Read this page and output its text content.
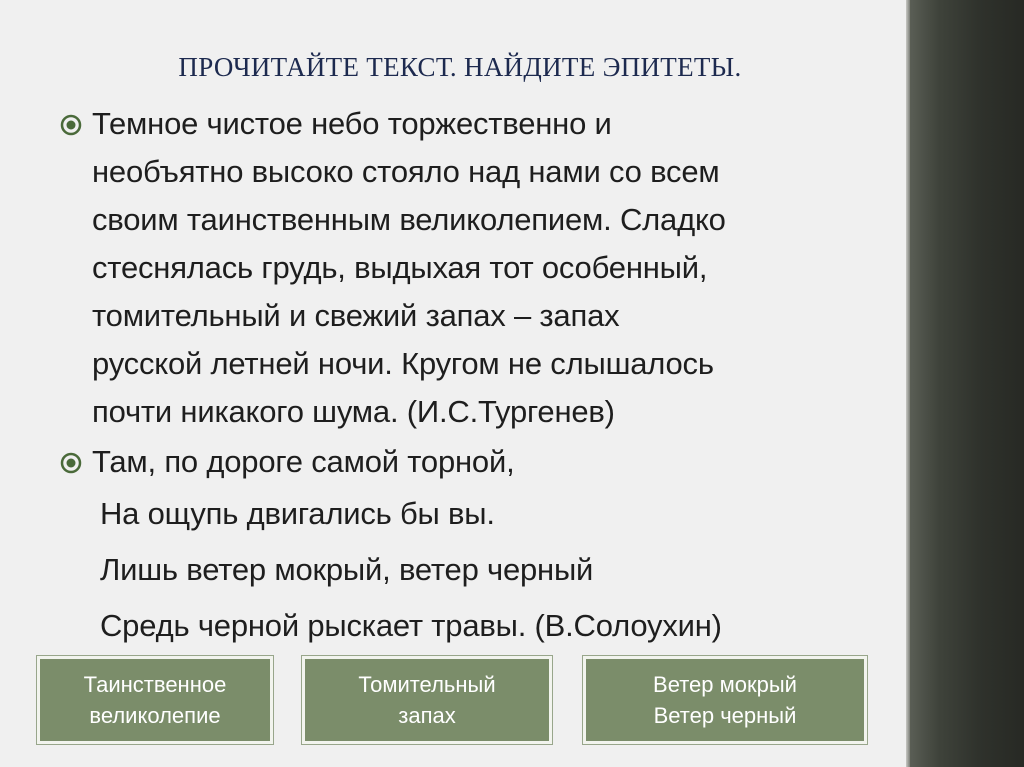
ПРОЧИТАЙТЕ ТЕКСТ. НАЙДИТЕ ЭПИТЕТЫ.
Темное чистое небо торжественно и
необъятно высоко стояло над нами со всем
своим таинственным великолепием. Сладко
стеснялась грудь, выдыхая тот особенный,
томительный и свежий запах – запах
русской летней ночи. Кругом не слышалось
почти никакого шума. (И.С.Тургенев)
Там, по дороге самой торной,
На ощупь двигались бы вы.
Лишь ветер мокрый, ветер черный
Средь черной рыскает травы. (В.Солоухин)
Таинственное
великолепие
Томительный
запах
Ветер мокрый
Ветер черный
